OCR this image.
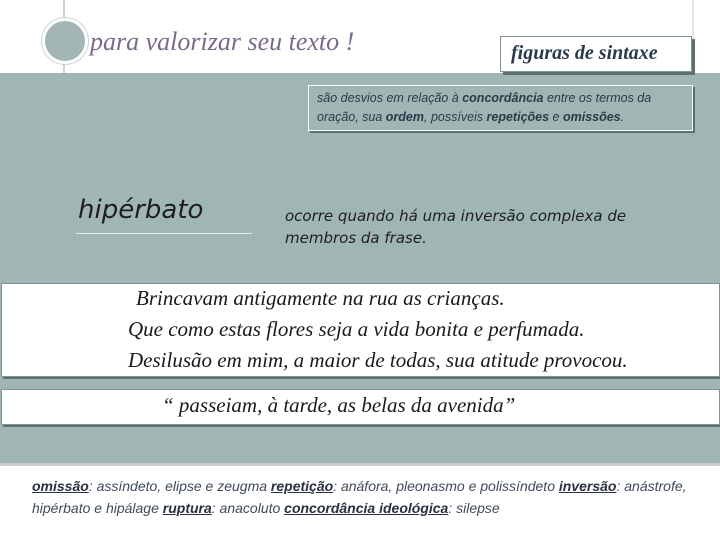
para valorizar seu texto !	figuras de sintaxe
são desvios em relação à concordância entre os termos da oração, sua ordem, possíveis repetições e omissões.
hipérbato	ocorre quando há uma inversão complexa de membros da frase.
Brincavam antigamente na rua as crianças.
Que como estas flores seja a vida bonita e perfumada.
Desilusão em mim, a maior de todas, sua atitude provocou.
“ passeiam, à tarde, as belas da avenida”
omissão: assíndeto, elipse e zeugma repetição: anáfora, pleonasmo e polissíndeto inversão: anástrofe, hipérbato e hipálage ruptura: anacoluto concordância ideológica: silepse
